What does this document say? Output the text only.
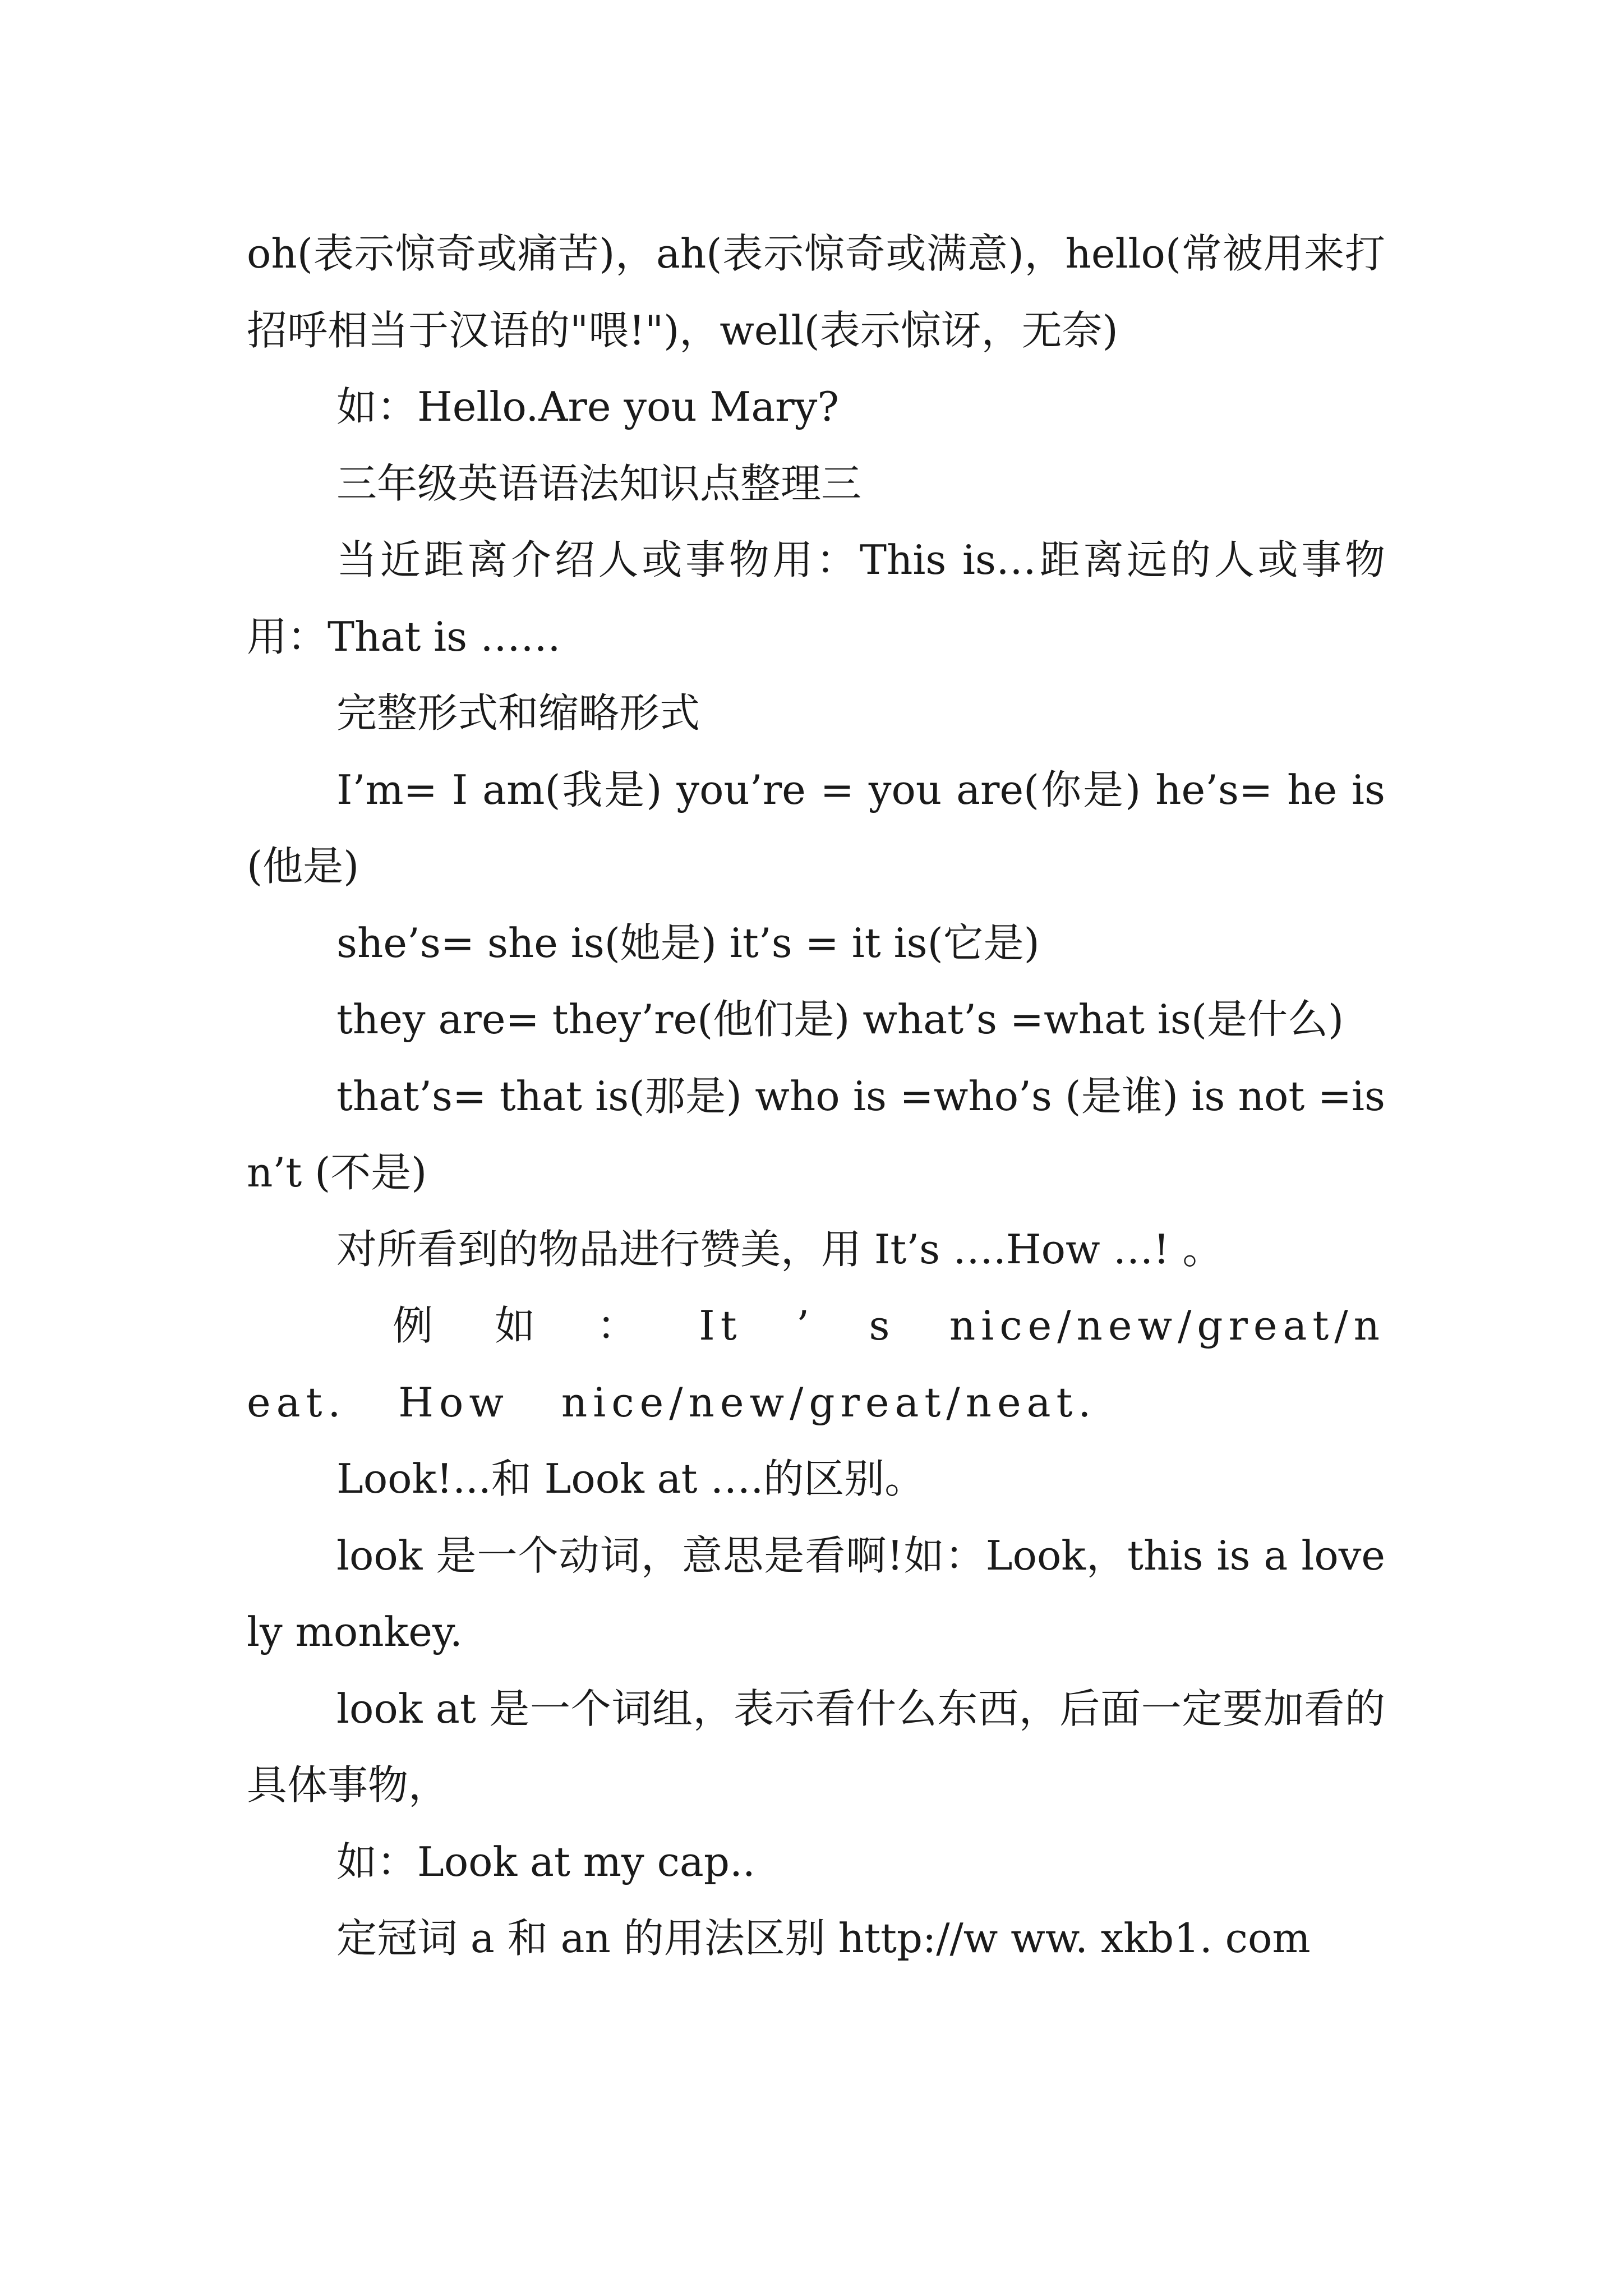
oh(表示惊奇或痛苦)，ah(表示惊奇或满意)，hello(常被用来打招呼相当于汉语的"喂!")，well(表示惊讶，无奈)

如：Hello.Are you Mary?

三年级英语语法知识点整理三

当近距离介绍人或事物用：This is…距离远的人或事物用：That is ……

完整形式和缩略形式

I’m= I am(我是) you’re = you are(你是) he’s= he is(他是)

she’s= she is(她是) it’s = it is(它是)

they are= they’re(他们是) what’s =what is(是什么)

that’s= that is(那是) who is =who’s (是谁) is not =isn’t (不是)

对所看到的物品进行赞美，用 It’s ….How …! 。

例 如 ： It ’ s nice/new/great/neat. How nice/new/great/neat.

Look!...和 Look at ….的区别。

look 是一个动词，意思是看啊!如：Look，this is a lovely monkey.

look at 是一个词组，表示看什么东西，后面一定要加看的具体事物，

如：Look at my cap..

定冠词 a 和 an 的用法区别 http://w ww. xkb1. com
